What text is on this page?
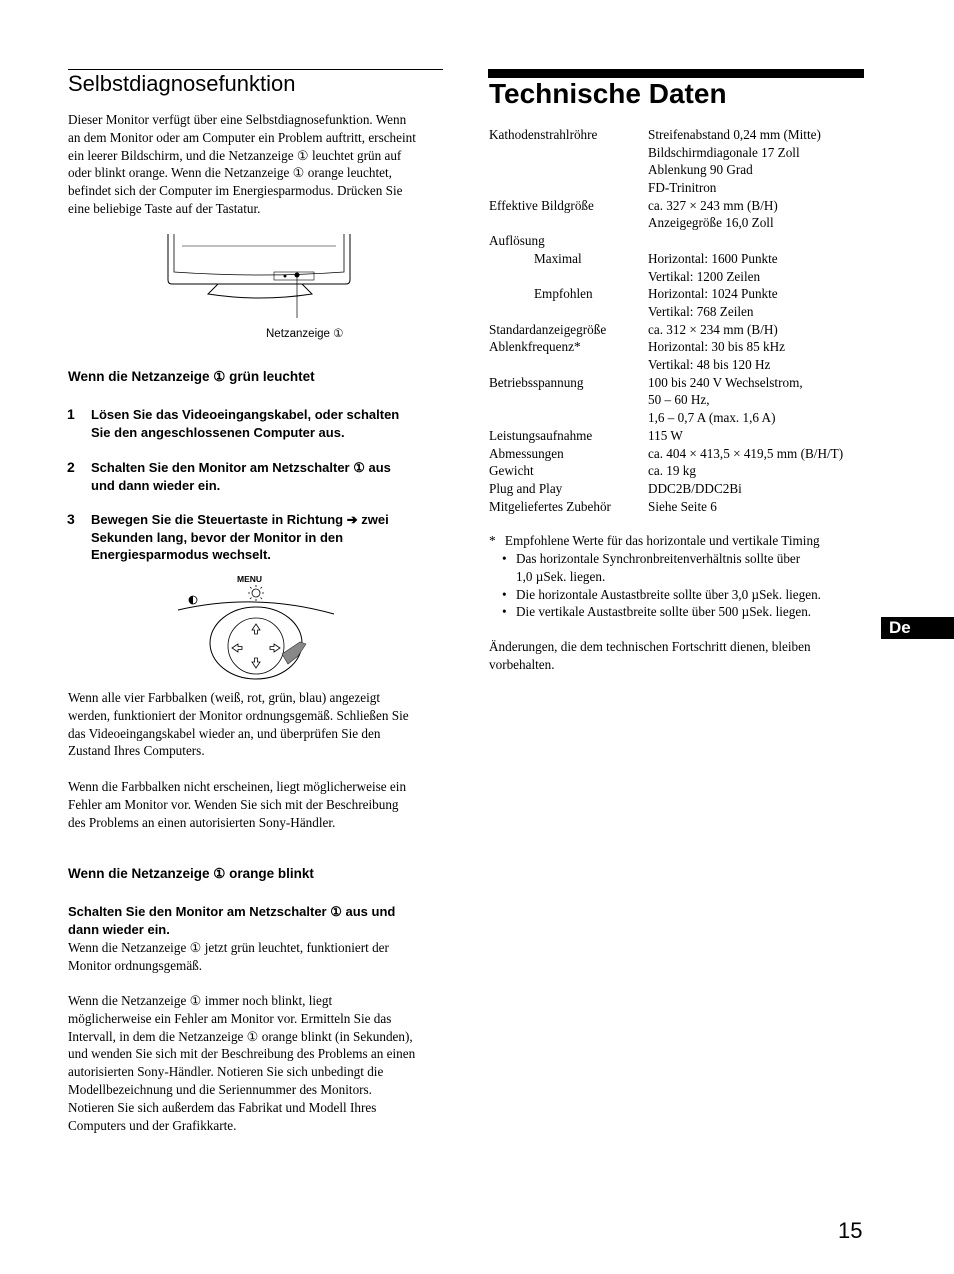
Selbstdiagnosefunktion
Dieser Monitor verfügt über eine Selbstdiagnosefunktion. Wenn
an dem Monitor oder am Computer ein Problem auftritt, erscheint
ein leerer Bildschirm, und die Netzanzeige ① leuchtet grün auf
oder blinkt orange. Wenn die Netzanzeige ① orange leuchtet,
befindet sich der Computer im Energiesparmodus. Drücken Sie
eine beliebige Taste auf der Tastatur.
Netzanzeige ①
Wenn die Netzanzeige ① grün leuchtet
1 Lösen Sie das Videoeingangskabel, oder schalten
Sie den angeschlossenen Computer aus.
2 Schalten Sie den Monitor am Netzschalter ① aus
und dann wieder ein.
3 Bewegen Sie die Steuertaste in Richtung ➔ zwei
Sekunden lang, bevor der Monitor in den
Energiesparmodus wechselt.
MENU
Wenn alle vier Farbbalken (weiß, rot, grün, blau) angezeigt
werden, funktioniert der Monitor ordnungsgemäß. Schließen Sie
das Videoeingangskabel wieder an, und überprüfen Sie den
Zustand Ihres Computers.
Wenn die Farbbalken nicht erscheinen, liegt möglicherweise ein
Fehler am Monitor vor. Wenden Sie sich mit der Beschreibung
des Problems an einen autorisierten Sony-Händler.
Wenn die Netzanzeige ① orange blinkt
Schalten Sie den Monitor am Netzschalter ① aus und
dann wieder ein.
Wenn die Netzanzeige ① jetzt grün leuchtet, funktioniert der
Monitor ordnungsgemäß.
Wenn die Netzanzeige ① immer noch blinkt, liegt
möglicherweise ein Fehler am Monitor vor. Ermitteln Sie das
Intervall, in dem die Netzanzeige ① orange blinkt (in Sekunden),
und wenden Sie sich mit der Beschreibung des Problems an einen
autorisierten Sony-Händler. Notieren Sie sich unbedingt die
Modellbezeichnung und die Seriennummer des Monitors.
Notieren Sie sich außerdem das Fabrikat und Modell Ihres
Computers und der Grafikkarte.
Technische Daten
Kathodenstrahlröhre	Streifenabstand 0,24 mm (Mitte)
Bildschirmdiagonale 17 Zoll
Ablenkung 90 Grad
FD-Trinitron
Effektive Bildgröße	ca. 327 × 243 mm (B/H)
Anzeigegröße 16,0 Zoll
Auflösung
Maximal	Horizontal: 1600 Punkte
Vertikal: 1200 Zeilen
Empfohlen	Horizontal: 1024 Punkte
Vertikal: 768 Zeilen
Standardanzeigegröße	ca. 312 × 234 mm (B/H)
Ablenkfrequenz*	Horizontal: 30 bis 85 kHz
Vertikal: 48 bis 120 Hz
Betriebsspannung	100 bis 240 V Wechselstrom,
50 – 60 Hz,
1,6 – 0,7 A (max. 1,6 A)
Leistungsaufnahme	115 W
Abmessungen	ca. 404 × 413,5 × 419,5 mm (B/H/T)
Gewicht	ca. 19 kg
Plug and Play	DDC2B/DDC2Bi
Mitgeliefertes Zubehör	Siehe Seite 6
* Empfohlene Werte für das horizontale und vertikale Timing
• Das horizontale Synchronbreitenverhältnis sollte über
1,0 µSek. liegen.
• Die horizontale Austastbreite sollte über 3,0 µSek. liegen.
• Die vertikale Austastbreite sollte über 500 µSek. liegen.
Änderungen, die dem technischen Fortschritt dienen, bleiben
vorbehalten.
De
15
